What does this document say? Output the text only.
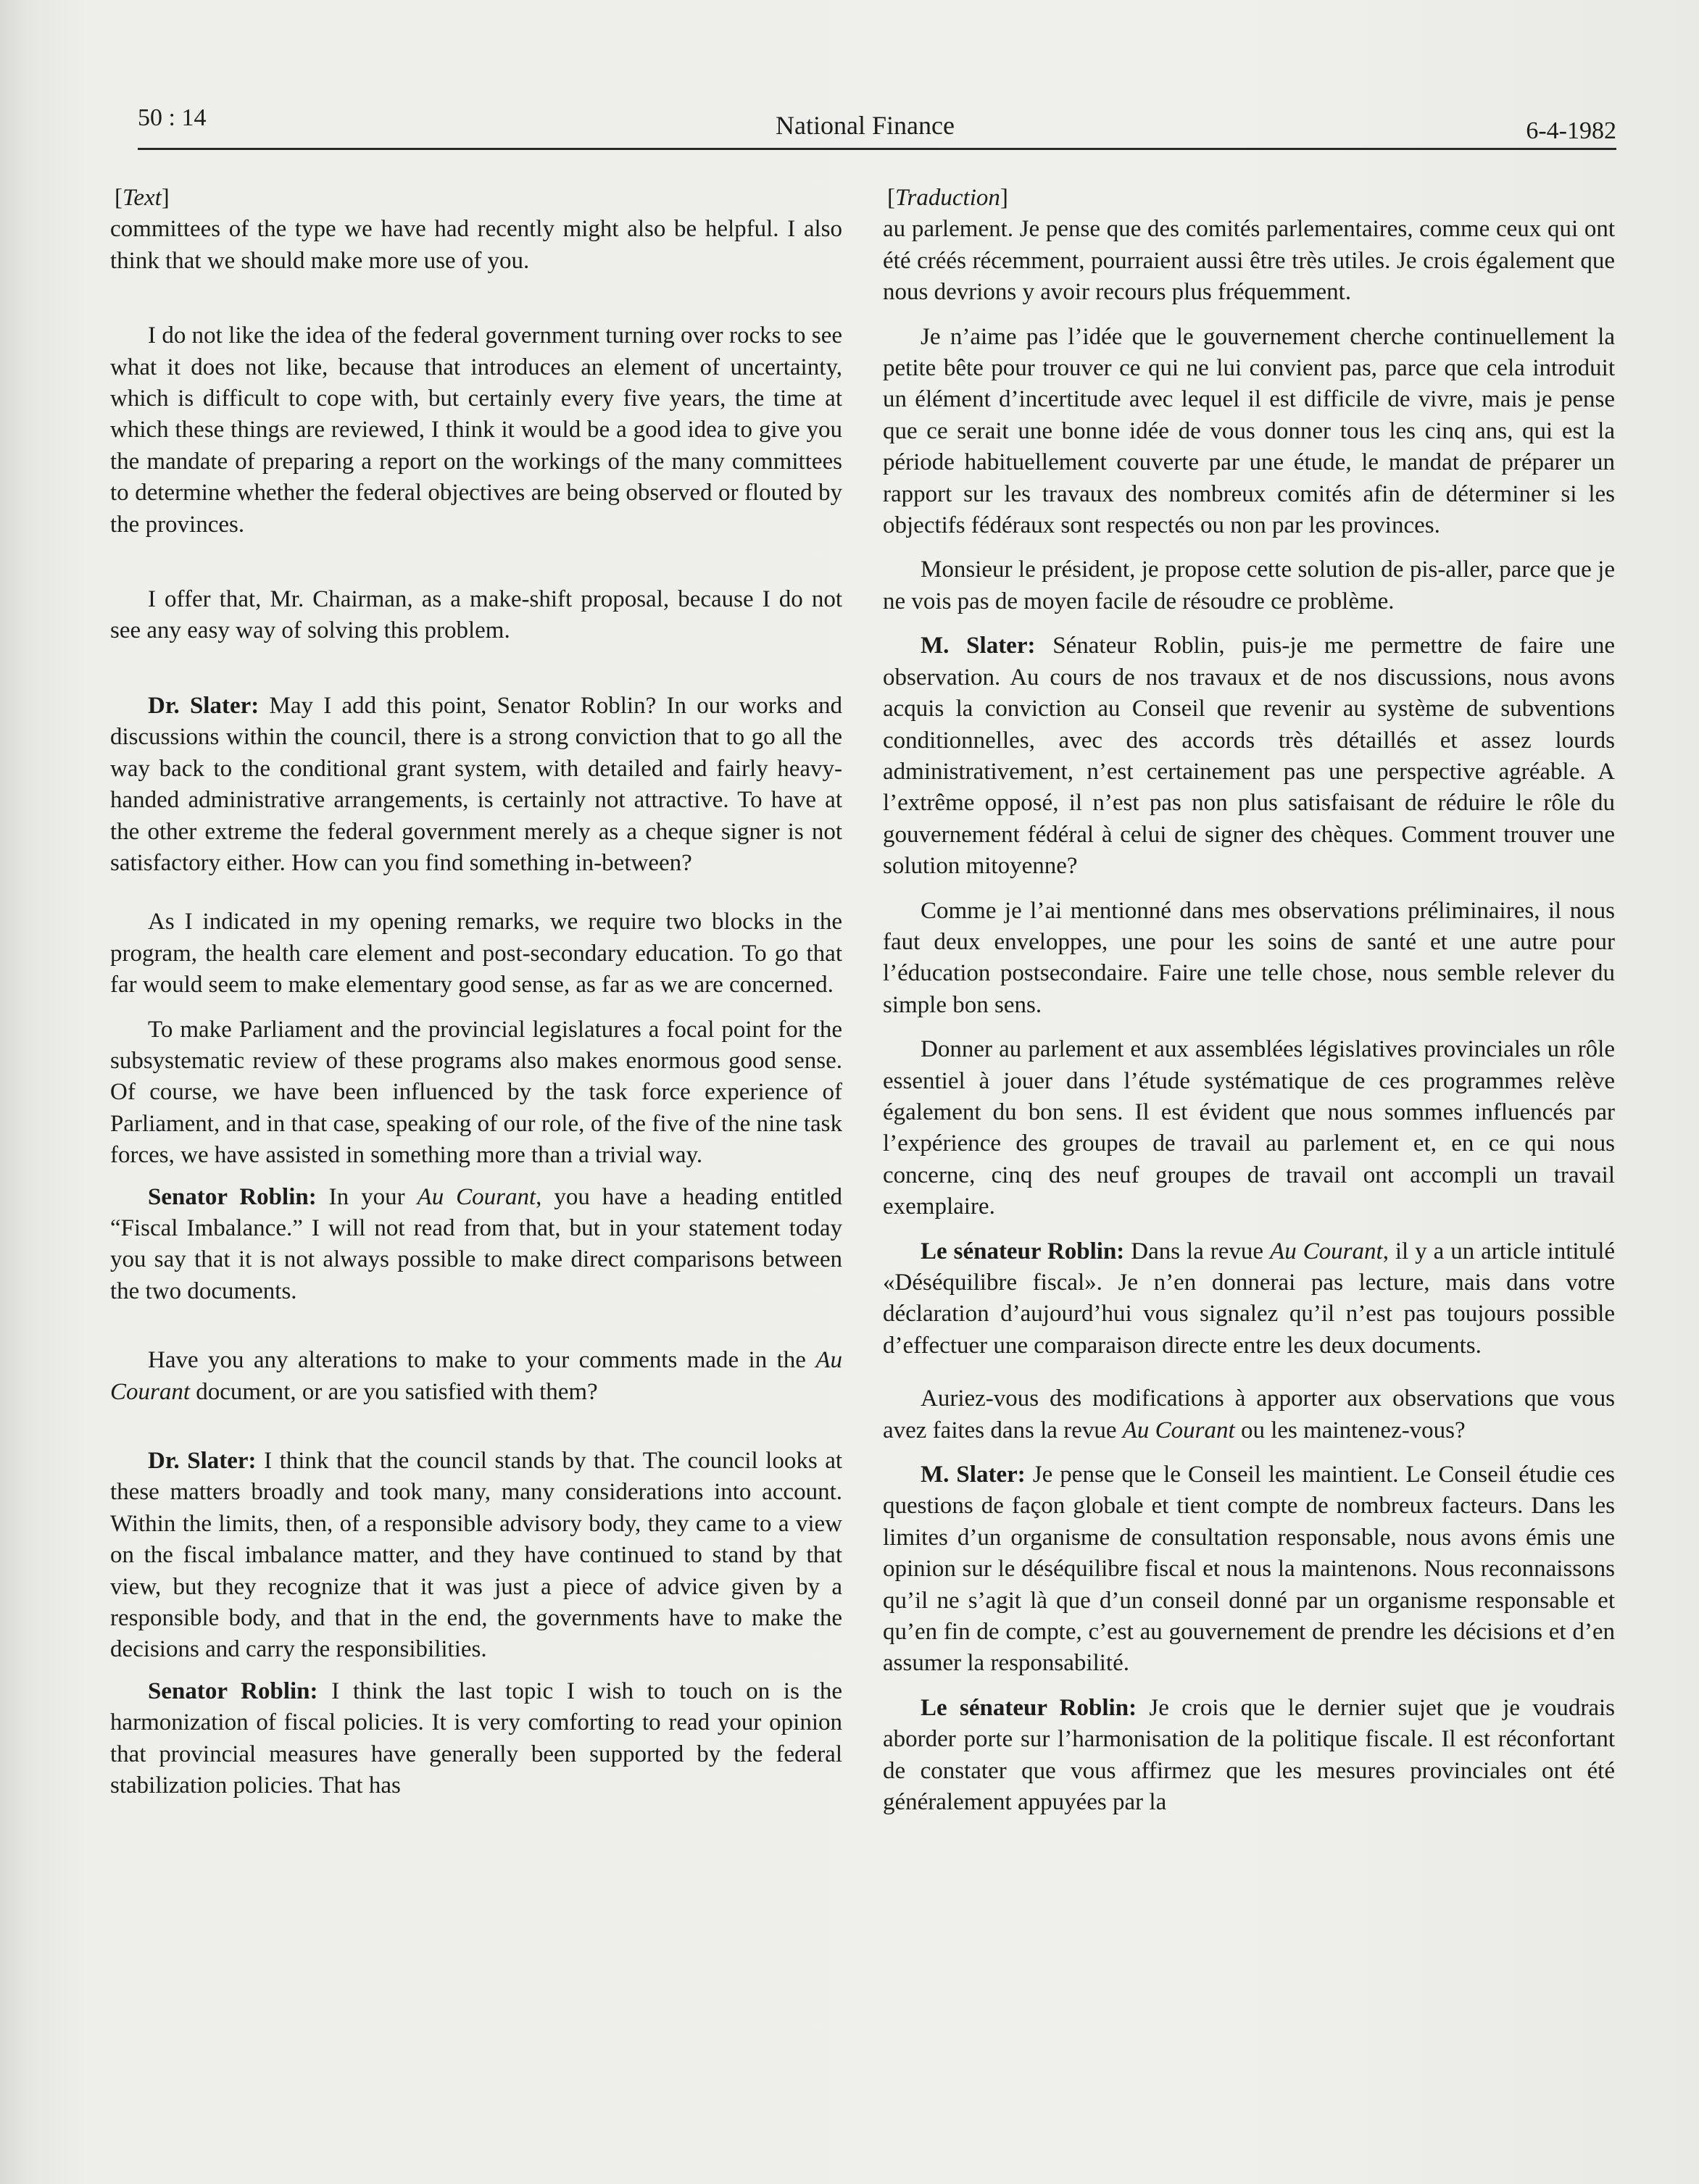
50 : 14	National Finance	6-4-1982
[Text]

committees of the type we have had recently might also be helpful. I also think that we should make more use of you.

I do not like the idea of the federal government turning over rocks to see what it does not like, because that introduces an element of uncertainty, which is difficult to cope with, but certainly every five years, the time at which these things are reviewed, I think it would be a good idea to give you the mandate of preparing a report on the workings of the many committees to determine whether the federal objectives are being observed or flouted by the provinces.

I offer that, Mr. Chairman, as a make-shift proposal, because I do not see any easy way of solving this problem.

Dr. Slater: May I add this point, Senator Roblin? In our works and discussions within the council, there is a strong conviction that to go all the way back to the conditional grant system, with detailed and fairly heavy-handed administrative arrangements, is certainly not attractive. To have at the other extreme the federal government merely as a cheque signer is not satisfactory either. How can you find something in-between?

As I indicated in my opening remarks, we require two blocks in the program, the health care element and post-secondary education. To go that far would seem to make elementary good sense, as far as we are concerned.

To make Parliament and the provincial legislatures a focal point for the subsystematic review of these programs also makes enormous good sense. Of course, we have been influenced by the task force experience of Parliament, and in that case, speaking of our role, of the five of the nine task forces, we have assisted in something more than a trivial way.

Senator Roblin: In your Au Courant, you have a heading entitled “Fiscal Imbalance.” I will not read from that, but in your statement today you say that it is not always possible to make direct comparisons between the two documents.

Have you any alterations to make to your comments made in the Au Courant document, or are you satisfied with them?

Dr. Slater: I think that the council stands by that. The council looks at these matters broadly and took many, many considerations into account. Within the limits, then, of a responsible advisory body, they came to a view on the fiscal imbalance matter, and they have continued to stand by that view, but they recognize that it was just a piece of advice given by a responsible body, and that in the end, the governments have to make the decisions and carry the responsibilities.

Senator Roblin: I think the last topic I wish to touch on is the harmonization of fiscal policies. It is very comforting to read your opinion that provincial measures have generally been supported by the federal stabilization policies. That has

[Traduction]

au parlement. Je pense que des comités parlementaires, comme ceux qui ont été créés récemment, pourraient aussi être très utiles. Je crois également que nous devrions y avoir recours plus fréquemment.

Je n’aime pas l’idée que le gouvernement cherche continuellement la petite bête pour trouver ce qui ne lui convient pas, parce que cela introduit un élément d’incertitude avec lequel il est difficile de vivre, mais je pense que ce serait une bonne idée de vous donner tous les cinq ans, qui est la période habituellement couverte par une étude, le mandat de préparer un rapport sur les travaux des nombreux comités afin de déterminer si les objectifs fédéraux sont respectés ou non par les provinces.

Monsieur le président, je propose cette solution de pis-aller, parce que je ne vois pas de moyen facile de résoudre ce problème.

M. Slater: Sénateur Roblin, puis-je me permettre de faire une observation. Au cours de nos travaux et de nos discussions, nous avons acquis la conviction au Conseil que revenir au système de subventions conditionnelles, avec des accords très détaillés et assez lourds administrativement, n’est certainement pas une perspective agréable. A l’extrême opposé, il n’est pas non plus satisfaisant de réduire le rôle du gouvernement fédéral à celui de signer des chèques. Comment trouver une solution mitoyenne?

Comme je l’ai mentionné dans mes observations préliminaires, il nous faut deux enveloppes, une pour les soins de santé et une autre pour l’éducation postsecondaire. Faire une telle chose, nous semble relever du simple bon sens.

Donner au parlement et aux assemblées législatives provinciales un rôle essentiel à jouer dans l’étude systématique de ces programmes relève également du bon sens. Il est évident que nous sommes influencés par l’expérience des groupes de travail au parlement et, en ce qui nous concerne, cinq des neuf groupes de travail ont accompli un travail exemplaire.

Le sénateur Roblin: Dans la revue Au Courant, il y a un article intitulé «Déséquilibre fiscal». Je n’en donnerai pas lecture, mais dans votre déclaration d’aujourd’hui vous signalez qu’il n’est pas toujours possible d’effectuer une comparaison directe entre les deux documents.

Auriez-vous des modifications à apporter aux observations que vous avez faites dans la revue Au Courant ou les maintenez-vous?

M. Slater: Je pense que le Conseil les maintient. Le Conseil étudie ces questions de façon globale et tient compte de nombreux facteurs. Dans les limites d’un organisme de consultation responsable, nous avons émis une opinion sur le déséquilibre fiscal et nous la maintenons. Nous reconnaissons qu’il ne s’agit là que d’un conseil donné par un organisme responsable et qu’en fin de compte, c’est au gouvernement de prendre les décisions et d’en assumer la responsabilité.

Le sénateur Roblin: Je crois que le dernier sujet que je voudrais aborder porte sur l’harmonisation de la politique fiscale. Il est réconfortant de constater que vous affirmez que les mesures provinciales ont été généralement appuyées par la
